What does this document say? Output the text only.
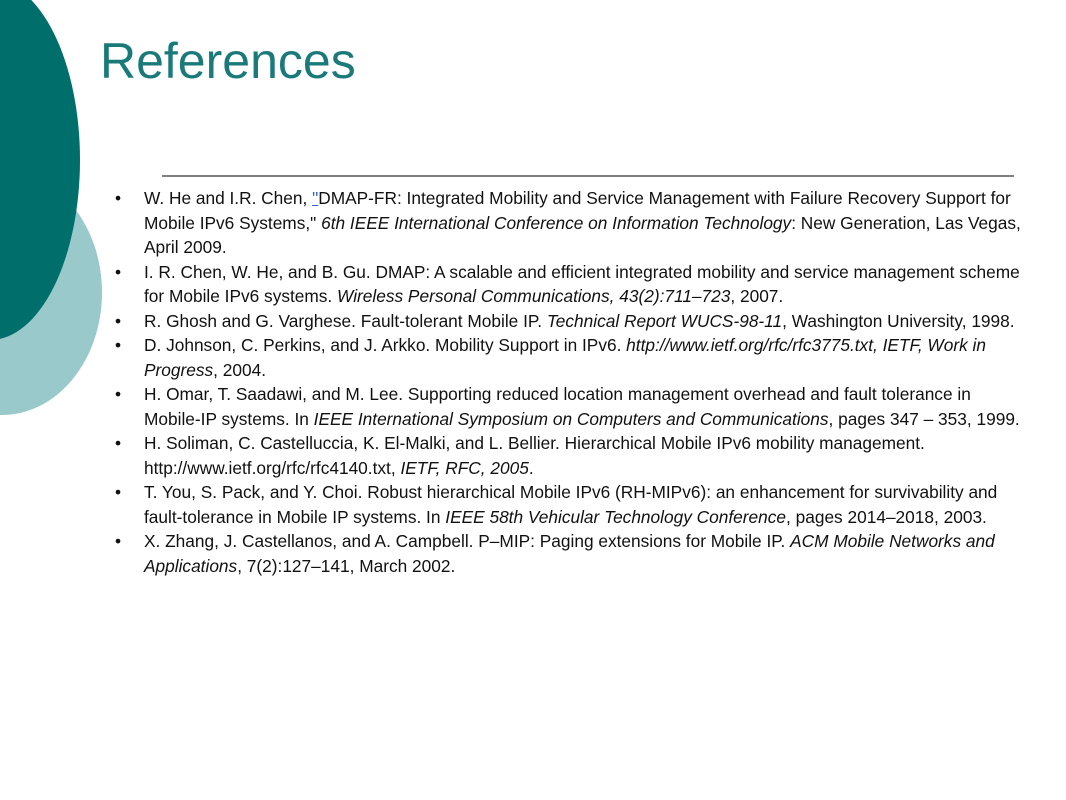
References
• W. He and I.R. Chen, "DMAP-FR: Integrated Mobility and Service Management with Failure Recovery Support for Mobile IPv6 Systems," 6th IEEE International Conference on Information Technology: New Generation, Las Vegas, April 2009.
• I. R. Chen, W. He, and B. Gu. DMAP: A scalable and efficient integrated mobility and service management scheme for Mobile IPv6 systems. Wireless Personal Communications, 43(2):711–723, 2007.
• R. Ghosh and G. Varghese. Fault-tolerant Mobile IP. Technical Report WUCS-98-11, Washington University, 1998.
• D. Johnson, C. Perkins, and J. Arkko. Mobility Support in IPv6. http://www.ietf.org/rfc/rfc3775.txt, IETF, Work in Progress, 2004.
• H. Omar, T. Saadawi, and M. Lee. Supporting reduced location management overhead and fault tolerance in Mobile-IP systems. In IEEE International Symposium on Computers and Communications, pages 347 – 353, 1999.
• H. Soliman, C. Castelluccia, K. El-Malki, and L. Bellier. Hierarchical Mobile IPv6 mobility management. http://www.ietf.org/rfc/rfc4140.txt, IETF, RFC, 2005.
• T. You, S. Pack, and Y. Choi. Robust hierarchical Mobile IPv6 (RH-MIPv6): an enhancement for survivability and fault-tolerance in Mobile IP systems. In IEEE 58th Vehicular Technology Conference, pages 2014–2018, 2003.
• X. Zhang, J. Castellanos, and A. Campbell. P–MIP: Paging extensions for Mobile IP. ACM Mobile Networks and Applications, 7(2):127–141, March 2002.
